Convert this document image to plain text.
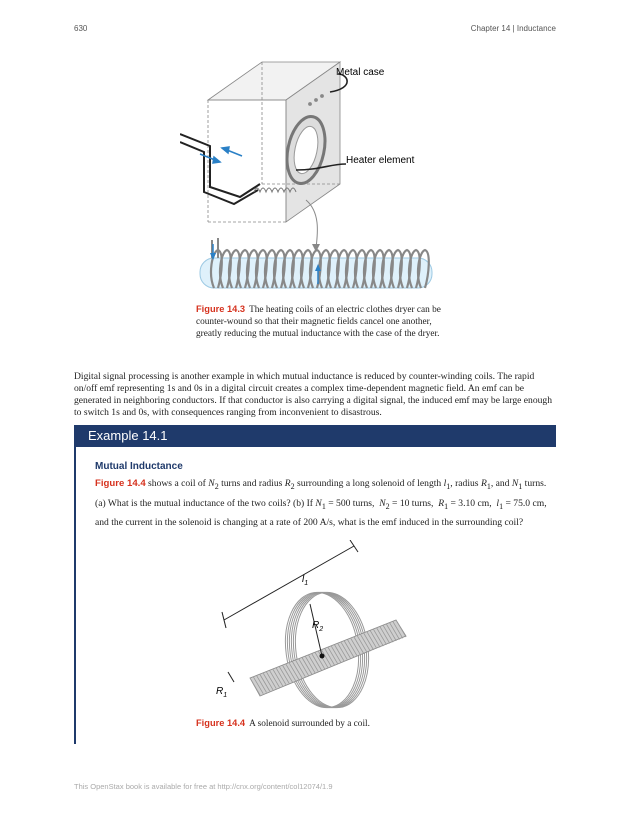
630	Chapter 14 | Inductance
Metal case
Heater element
Figure 14.3 The heating coils of an electric clothes dryer can be counter-wound so that their magnetic fields cancel one another, greatly reducing the mutual inductance with the case of the dryer.
Digital signal processing is another example in which mutual inductance is reduced by counter-winding coils. The rapid on/off emf representing 1s and 0s in a digital circuit creates a complex time-dependent magnetic field. An emf can be generated in neighboring conductors. If that conductor is also carrying a digital signal, the induced emf may be large enough to switch 1s and 0s, with consequences ranging from inconvenient to disastrous.
Example 14.1
Mutual Inductance
Figure 14.4 shows a coil of $N_2$ turns and radius $R_2$ surrounding a long solenoid of length $l_1$, radius $R_1$, and $N_1$ turns. (a) What is the mutual inductance of the two coils? (b) If $N_1 = 500$ turns,  $N_2 = 10$ turns,  $R_1 = 3.10$ cm,  $l_1 = 75.0$ cm, and the current in the solenoid is changing at a rate of 200 A/s, what is the emf induced in the surrounding coil?
$l_1$
$R_2$
$R_1$
Figure 14.4 A solenoid surrounded by a coil.
This OpenStax book is available for free at http://cnx.org/content/col12074/1.9
